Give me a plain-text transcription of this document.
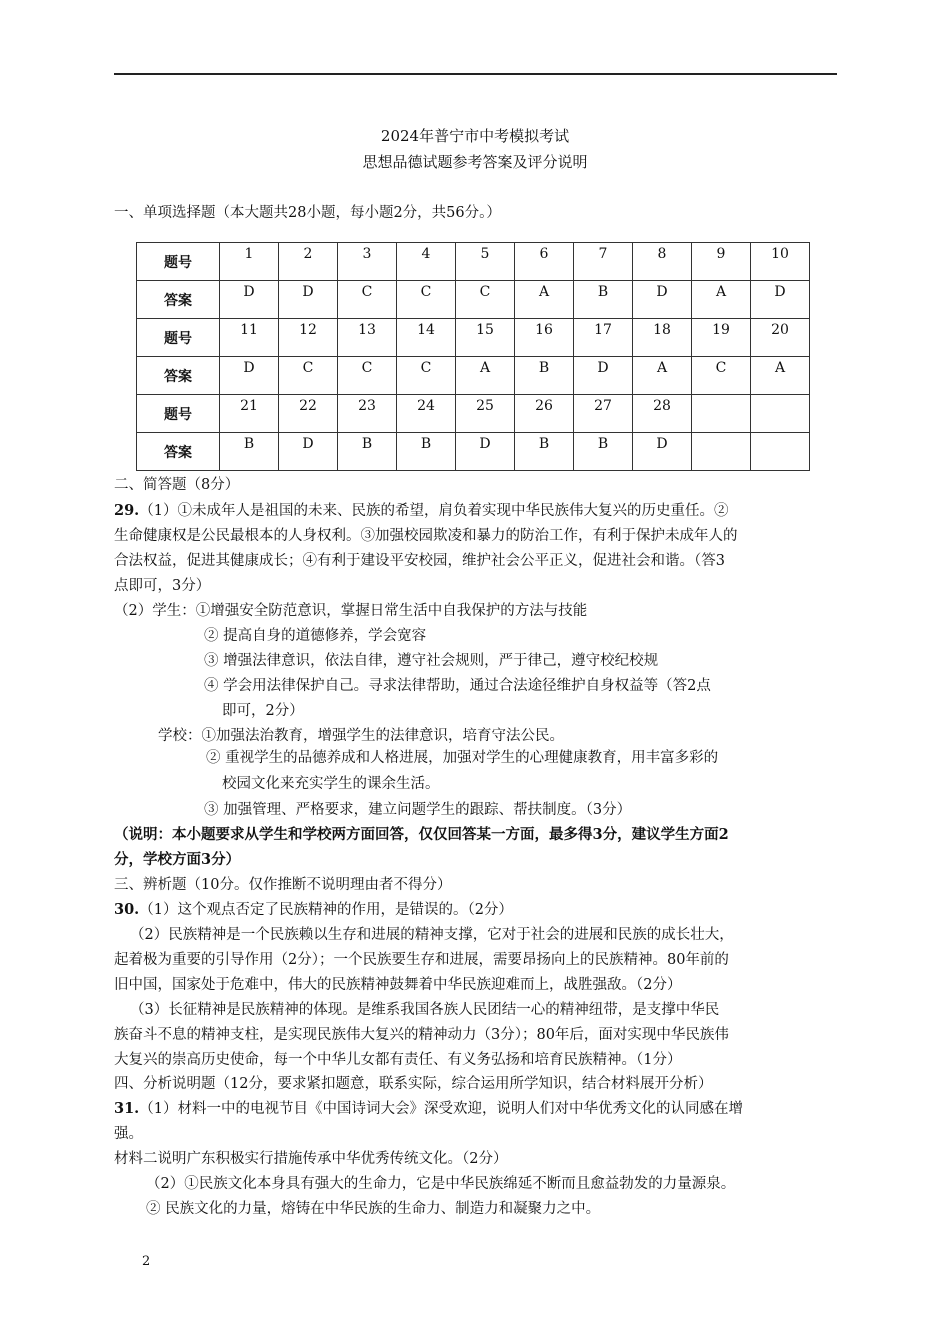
2024年普宁市中考模拟考试
思想品德试题参考答案及评分说明
一、单项选择题（本大题共28小题，每小题2分，共56分。）
题号	1	2	3	4	5	6	7	8	9	10
答案	D	D	C	C	C	A	B	D	A	D
题号	11	12	13	14	15	16	17	18	19	20
答案	D	C	C	C	A	B	D	A	C	A
题号	21	22	23	24	25	26	27	28		
答案	B	D	B	B	D	B	B	D		
二、简答题（8分）
29.（1）①未成年人是祖国的未来、民族的希望，肩负着实现中华民族伟大复兴的历史重任。②
生命健康权是公民最根本的人身权利。③加强校园欺凌和暴力的防治工作，有利于保护未成年人的
合法权益，促进其健康成长；④有利于建设平安校园，维护社会公平正义，促进社会和谐。（答3
点即可，3分）
（2）学生：①增强安全防范意识，掌握日常生活中自我保护的方法与技能
② 提高自身的道德修养，学会宽容
③ 增强法律意识，依法自律，遵守社会规则，严于律己，遵守校纪校规
④ 学会用法律保护自己。寻求法律帮助，通过合法途径维护自身权益等（答2点
即可，2分）
学校：①加强法治教育，增强学生的法律意识，培育守法公民。
② 重视学生的品德养成和人格进展，加强对学生的心理健康教育，用丰富多彩的
校园文化来充实学生的课余生活。
③ 加强管理、严格要求，建立问题学生的跟踪、帮扶制度。（3分）
（说明：本小题要求从学生和学校两方面回答，仅仅回答某一方面，最多得3分，建议学生方面2
分，学校方面3分）
三、辨析题（10分。仅作推断不说明理由者不得分）
30.（1）这个观点否定了民族精神的作用，是错误的。（2分）
（2）民族精神是一个民族赖以生存和进展的精神支撑，它对于社会的进展和民族的成长壮大，
起着极为重要的引导作用（2分）；一个民族要生存和进展，需要昂扬向上的民族精神。80年前的
旧中国，国家处于危难中，伟大的民族精神鼓舞着中华民族迎难而上，战胜强敌。（2分）
（3）长征精神是民族精神的体现。是维系我国各族人民团结一心的精神纽带，是支撑中华民
族奋斗不息的精神支柱，是实现民族伟大复兴的精神动力（3分）；80年后，面对实现中华民族伟
大复兴的崇高历史使命，每一个中华儿女都有责任、有义务弘扬和培育民族精神。（1分）
四、分析说明题（12分，要求紧扣题意，联系实际，综合运用所学知识，结合材料展开分析）
31.（1）材料一中的电视节目《中国诗词大会》深受欢迎，说明人们对中华优秀文化的认同感在增
强。
材料二说明广东积极实行措施传承中华优秀传统文化。（2分）
（2）①民族文化本身具有强大的生命力，它是中华民族绵延不断而且愈益勃发的力量源泉。
② 民族文化的力量，熔铸在中华民族的生命力、制造力和凝聚力之中。
2
